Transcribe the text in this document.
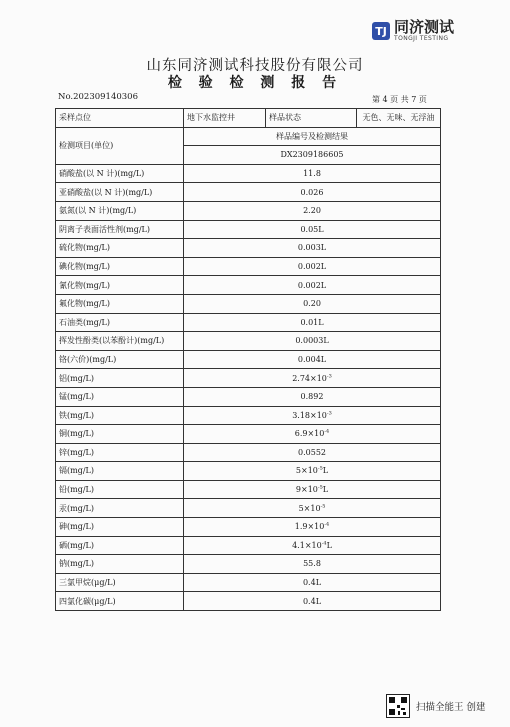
TJ 同济测试
TONGJI TESTING
山东同济测试科技股份有限公司
检 验 检 测 报 告
No.202309140306	第 4 页 共 7 页
采样点位	地下水监控井	样品状态	无色、无味、无浮油
检测项目(单位)	样品编号及检测结果		
	DX2309186605		
硝酸盐(以 N 计)(mg/L)	11.8		
亚硝酸盐(以 N 计)(mg/L)	0.026		
氨氮(以 N 计)(mg/L)	2.20		
阴离子表面活性剂(mg/L)	0.05L		
硫化物(mg/L)	0.003L		
碘化物(mg/L)	0.002L		
氰化物(mg/L)	0.002L		
氟化物(mg/L)	0.20		
石油类(mg/L)	0.01L		
挥发性酚类(以苯酚计)(mg/L)	0.0003L		
铬(六价)(mg/L)	0.004L		
铝(mg/L)	$2.74\times 10^{-3}$
锰(mg/L)	0.892		
铁(mg/L)	$3.18\times 10^{-3}$
铜(mg/L)	$6.9\times 10^{-4}$
锌(mg/L)	0.0552		
镉(mg/L)	$5\times 10^{-5}L$		
铅(mg/L)	$9\times 10^{-5}L$		
汞(mg/L)	$5\times 10^{-5}$
砷(mg/L)	$1.9\times 10^{-4}$
硒(mg/L)	$4.1\times 10^{-4}L$		
钠(mg/L)	55.8		
三氯甲烷(μg/L)	0.4L		
四氯化碳(μg/L)	0.4L		
扫描全能王 创建
